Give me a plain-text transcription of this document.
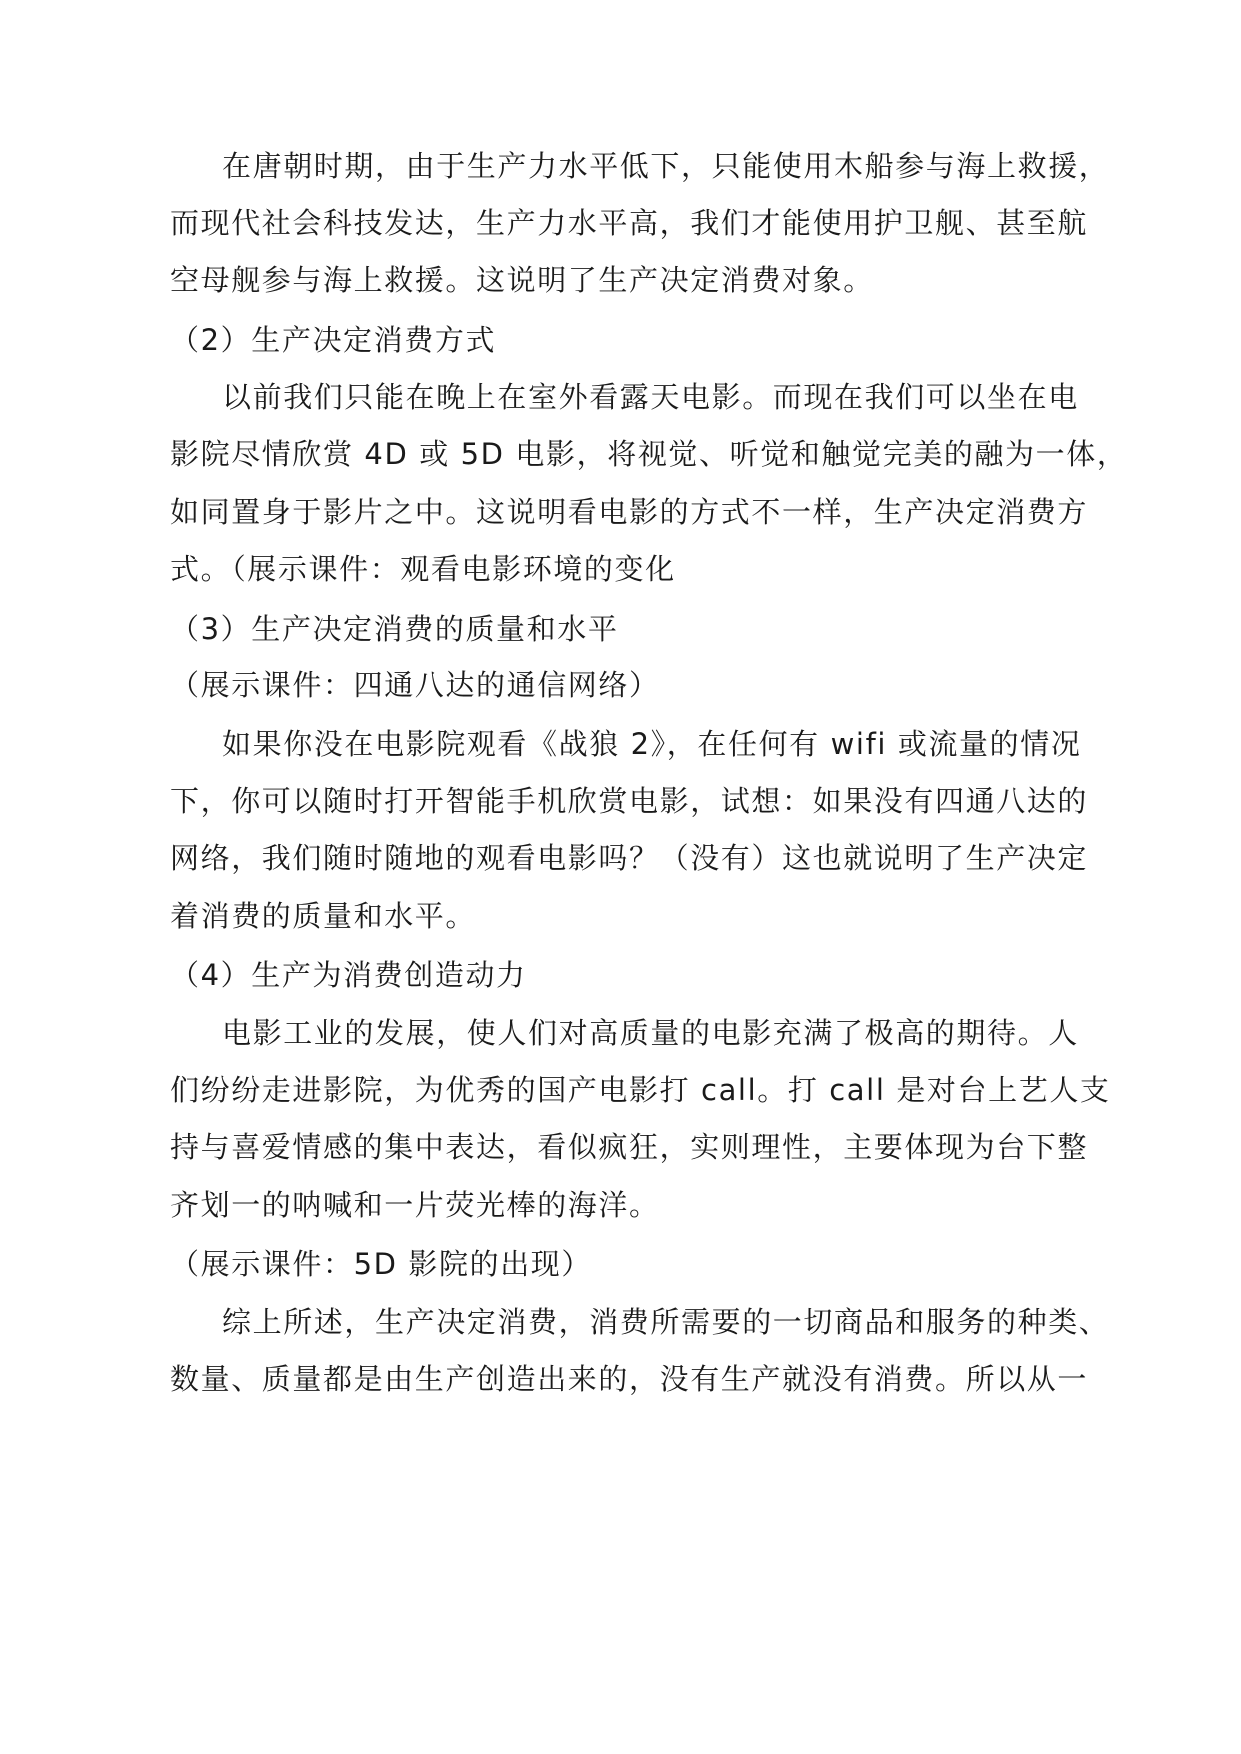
在唐朝时期，由于生产力水平低下，只能使用木船参与海上救援，
而现代社会科技发达，生产力水平高，我们才能使用护卫舰、甚至航
空母舰参与海上救援。这说明了生产决定消费对象。
（2）生产决定消费方式
以前我们只能在晚上在室外看露天电影。而现在我们可以坐在电
影院尽情欣赏 4D 或 5D 电影，将视觉、听觉和触觉完美的融为一体，
如同置身于影片之中。这说明看电影的方式不一样，生产决定消费方
式。（展示课件：观看电影环境的变化
（3）生产决定消费的质量和水平
（展示课件：四通八达的通信网络）
如果你没在电影院观看《战狼 2》，在任何有 wifi 或流量的情况
下，你可以随时打开智能手机欣赏电影，试想：如果没有四通八达的
网络，我们随时随地的观看电影吗？（没有）这也就说明了生产决定
着消费的质量和水平。
（4）生产为消费创造动力
电影工业的发展，使人们对高质量的电影充满了极高的期待。人
们纷纷走进影院，为优秀的国产电影打 call。打 call 是对台上艺人支
持与喜爱情感的集中表达，看似疯狂，实则理性，主要体现为台下整
齐划一的呐喊和一片荧光棒的海洋。
（展示课件：5D 影院的出现）
综上所述，生产决定消费，消费所需要的一切商品和服务的种类、
数量、质量都是由生产创造出来的，没有生产就没有消费。所以从一
